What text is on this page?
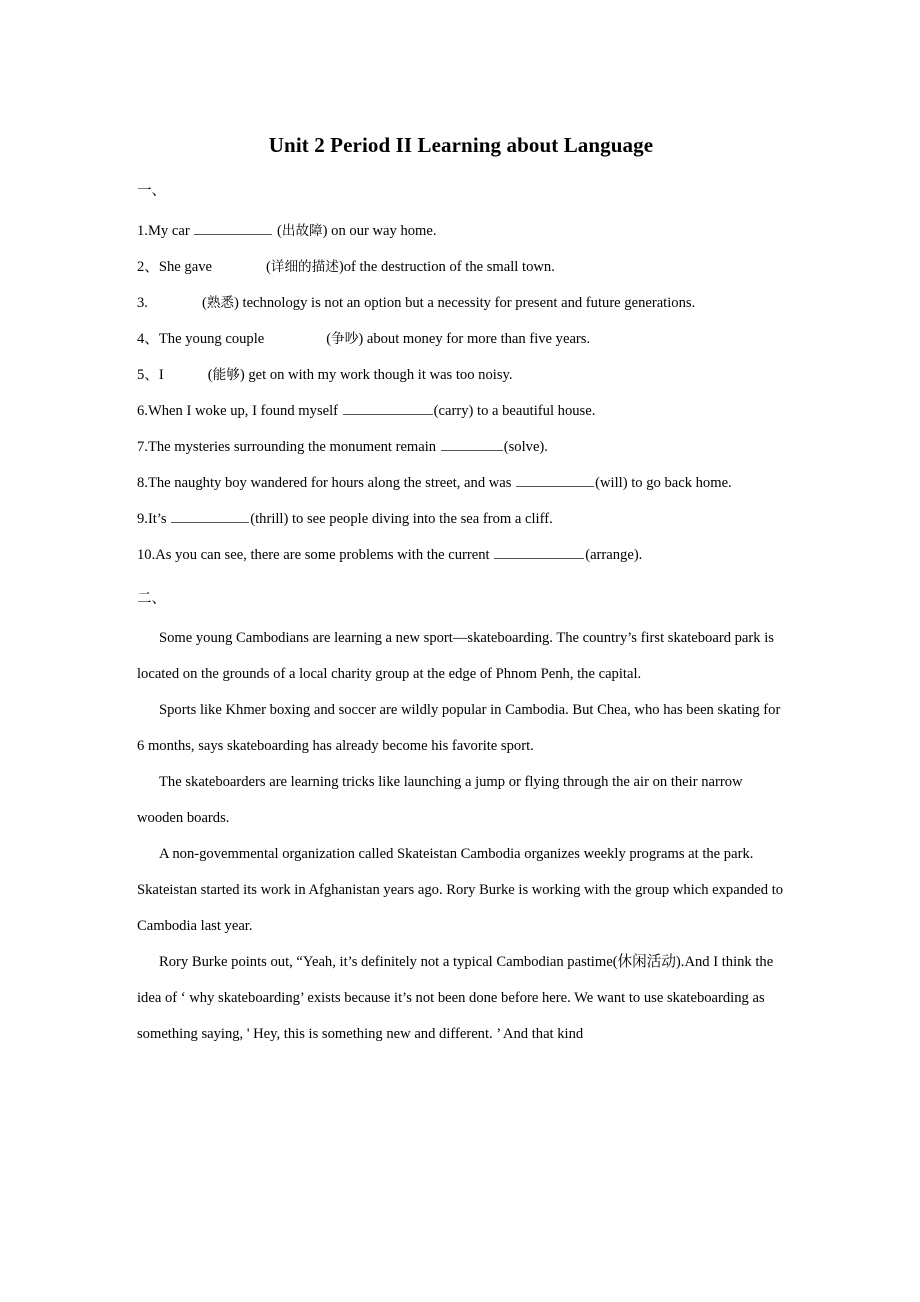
Unit 2 Period II Learning about Language
一、
1.My car	(出故障) on our way home.
2、She gave	(详细的描述)of the destruction of the small town.
3.	(熟悉) technology is not an option but a necessity for present and future generations.
4、The young couple	(争吵) about money for more than five years.
5、I	(能够) get on with my work though it was too noisy.
6.When I woke up, I found myself	(carry) to a beautiful house.
7.The mysteries surrounding the monument remain	(solve).
8.The naughty boy wandered for hours along the street, and was	(will) to go back home.
9.It’s	(thrill) to see people diving into the sea from a cliff.
10.As you can see, there are some problems with the current	(arrange).
二、

Some young Cambodians are learning a new sport—skateboarding. The country’s first skateboard park is located on the grounds of a local charity group at the edge of Phnom Penh, the capital.

Sports like Khmer boxing and soccer are wildly popular in Cambodia. But Chea, who has been skating for 6 months, says skateboarding has already become his favorite sport.

The skateboarders are learning tricks like launching a jump or flying through the air on their narrow wooden boards.

A non-govemmental organization called Skateistan Cambodia organizes weekly programs at the park. Skateistan started its work in Afghanistan years ago. Rory Burke is working with the group which expanded to Cambodia last year.

Rory Burke points out, “Yeah, it’s definitely not a typical Cambodian pastime(休闲活动).And I think the idea of ‘ why skateboarding’ exists because it’s not been done before here. We want to use skateboarding as something saying, ' Hey, this is something new and different. ’ And that kind
